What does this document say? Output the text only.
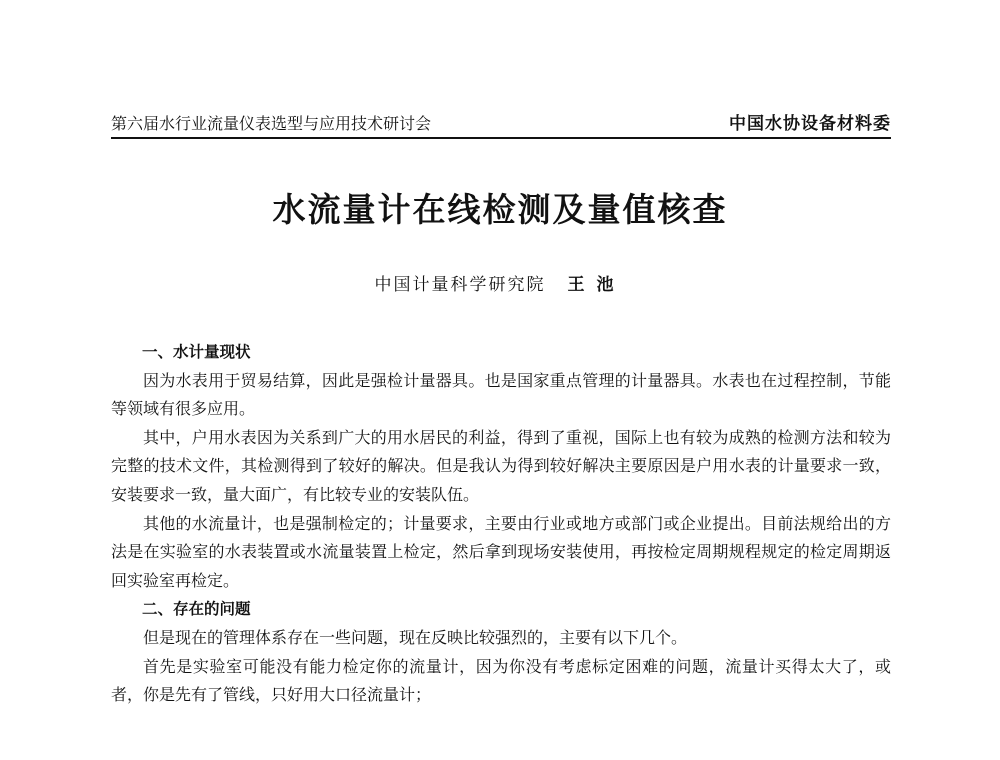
第六届水行业流量仪表选型与应用技术研讨会	中国水协设备材料委
水流量计在线检测及量值核查
中国计量科学研究院 王池

一、水计量现状

因为水表用于贸易结算，因此是强检计量器具。也是国家重点管理的计量器具。水表也在过程控制，节能等领域有很多应用。

其中，户用水表因为关系到广大的用水居民的利益，得到了重视，国际上也有较为成熟的检测方法和较为完整的技术文件，其检测得到了较好的解决。但是我认为得到较好解决主要原因是户用水表的计量要求一致，安装要求一致，量大面广，有比较专业的安装队伍。

其他的水流量计，也是强制检定的；计量要求，主要由行业或地方或部门或企业提出。目前法规给出的方法是在实验室的水表装置或水流量装置上检定，然后拿到现场安装使用，再按检定周期规程规定的检定周期返回实验室再检定。

二、存在的问题

但是现在的管理体系存在一些问题，现在反映比较强烈的，主要有以下几个。

首先是实验室可能没有能力检定你的流量计，因为你没有考虑标定困难的问题，流量计买得太大了，或者，你是先有了管线，只好用大口径流量计；
